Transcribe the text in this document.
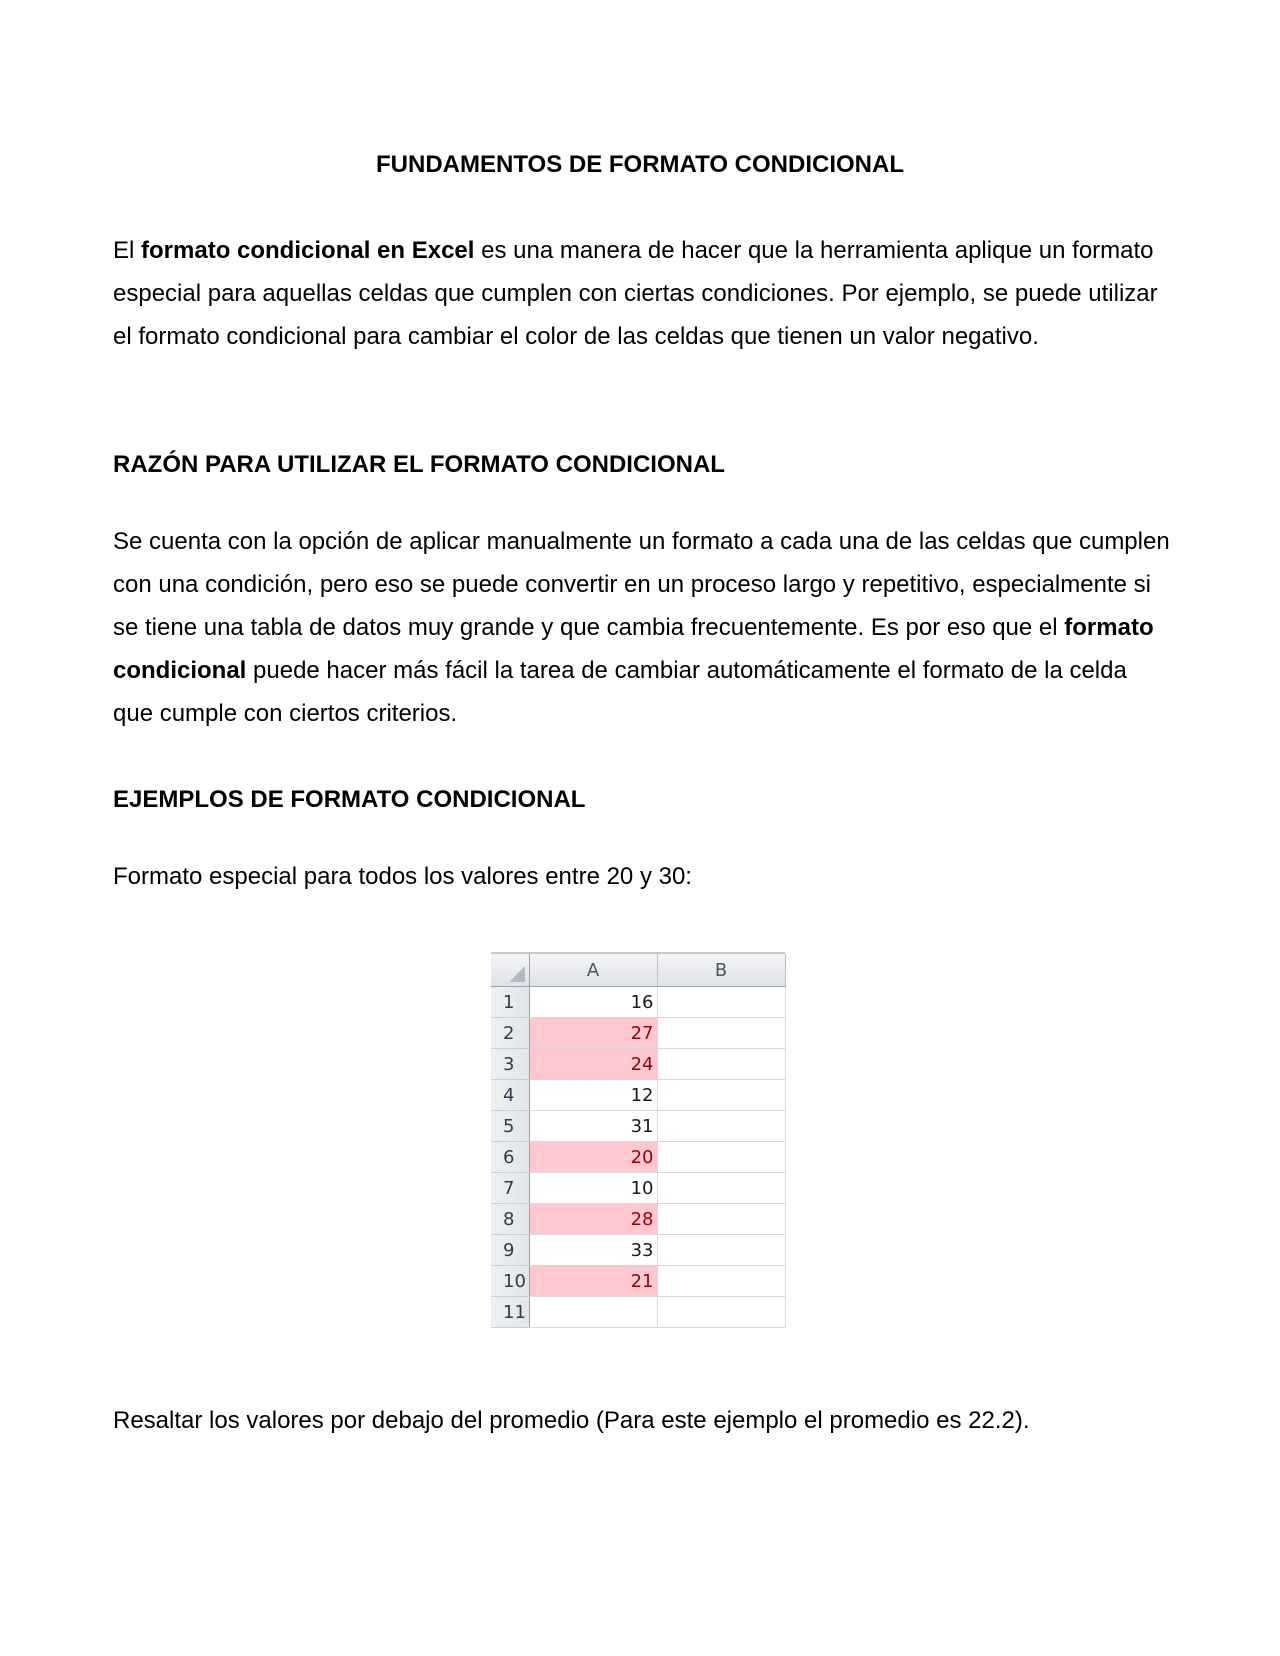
FUNDAMENTOS DE FORMATO CONDICIONAL

El formato condicional en Excel es una manera de hacer que la herramienta aplique un formato especial para aquellas celdas que cumplen con ciertas condiciones. Por ejemplo, se puede utilizar el formato condicional para cambiar el color de las celdas que tienen un valor negativo.

RAZÓN PARA UTILIZAR EL FORMATO CONDICIONAL

Se cuenta con la opción de aplicar manualmente un formato a cada una de las celdas que cumplen con una condición, pero eso se puede convertir en un proceso largo y repetitivo, especialmente si se tiene una tabla de datos muy grande y que cambia frecuentemente. Es por eso que el formato condicional puede hacer más fácil la tarea de cambiar automáticamente el formato de la celda que cumple con ciertos criterios.

EJEMPLOS DE FORMATO CONDICIONAL

Formato especial para todos los valores entre 20 y 30:

	A	B
1	16	
2	27	
3	24	
4	12	
5	31	
6	20	
7	10	
8	28	
9	33	
10	21	
11		

Resaltar los valores por debajo del promedio (Para este ejemplo el promedio es 22.2).
